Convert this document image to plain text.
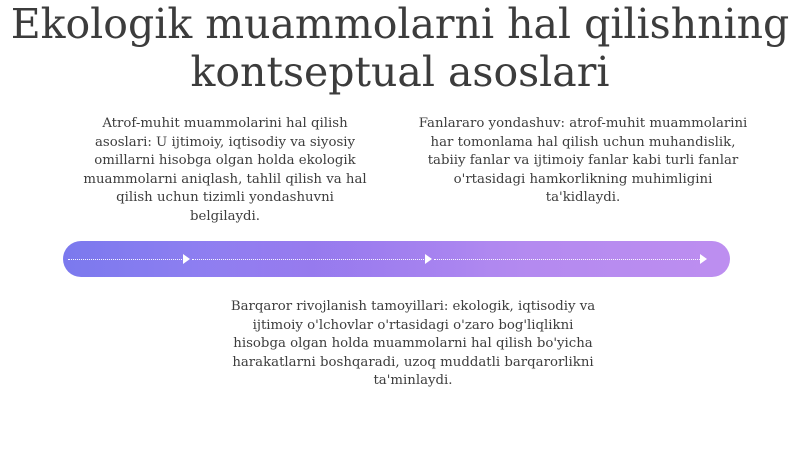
Ekologik muammolarni hal qilishning kontseptual asoslari

Atrof-muhit muammolarini hal qilish asoslari: U ijtimoiy, iqtisodiy va siyosiy omillarni hisobga olgan holda ekologik muammolarni aniqlash, tahlil qilish va hal qilish uchun tizimli yondashuvni belgilaydi.

Fanlararo yondashuv: atrof-muhit muammolarini har tomonlama hal qilish uchun muhandislik, tabiiy fanlar va ijtimoiy fanlar kabi turli fanlar o'rtasidagi hamkorlikning muhimligini ta'kidlaydi.

Barqaror rivojlanish tamoyillari: ekologik, iqtisodiy va ijtimoiy o'lchovlar o'rtasidagi o'zaro bog'liqlikni hisobga olgan holda muammolarni hal qilish bo'yicha harakatlarni boshqaradi, uzoq muddatli barqarorlikni ta'minlaydi.
